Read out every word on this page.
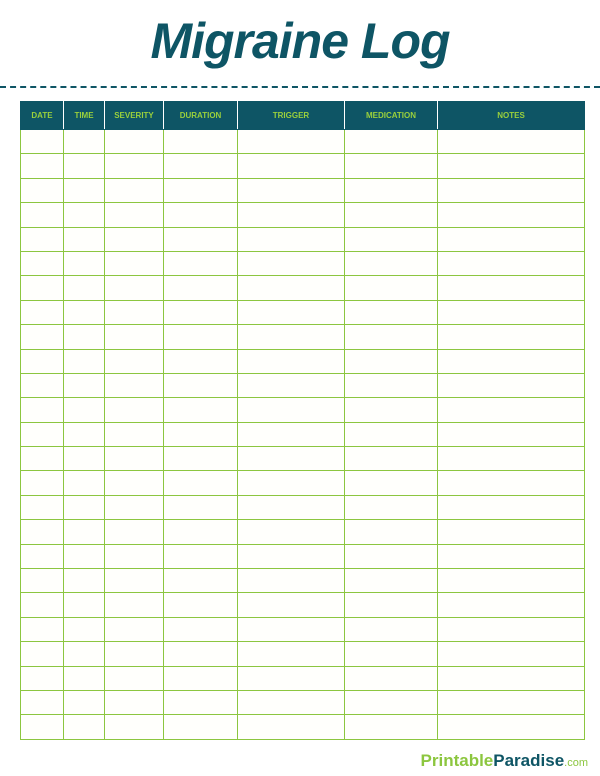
Migraine Log
DATE	TIME	SEVERITY	DURATION	TRIGGER	MEDICATION	NOTES

PrintableParadise.com
